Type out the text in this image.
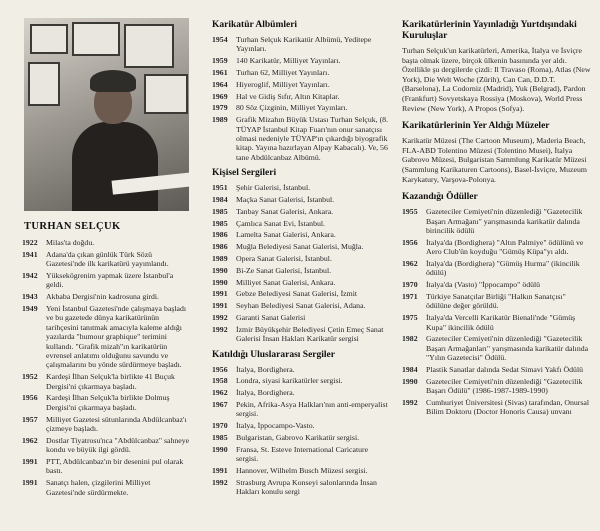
TURHAN SELÇUK
1922	Milas'ta doğdu.
1941	Adana'da çıkan günlük Türk Sözü Gazetesi'nde ilk karikatürü yayımlandı.
1942	Yüksekögrenim yapmak üzere İstanbul'a geldi.
1943	Akbaba Dergisi'nin kadrosuna girdi.
1949	Yeni İstanbul Gazetesi'nde çalışmaya başladı ve bu gazetede dünya karikatürünün tarihçesini tanıtmak amacıyla kaleme aldığı yazılarda "humour graphique" terimini kullandı. "Grafik mizah"ın karikatürün evrensel anlatımı olduğunu savundu ve çalışmalarını bu yönde sürdürmeye başladı.
1952	Kardeşi İlhan Selçuk'la birlikte 41 Buçuk Dergisi'ni çıkarmaya başladı.
1956	Kardeşi İlhan Selçuk'la birlikte Dolmuş Dergisi'ni çıkarmaya başladı.
1957	Milliyet Gazetesi sütunlarında Abdülcanbaz'ı çizmeye başladı.
1962	Dostlar Tiyatrosu'nca "Abdülcanbaz" sahneye kondu ve büyük ilgi gördü.
1991	PTT, Abdülcanbaz'ın bir desenini pul olarak bastı.
1991	Sanatçı halen, çizgilerini Milliyet Gazetesi'nde sürdürmekte.
Karikatür Albümleri
1954	Turhan Selçuk Karikatür Albümü, Yeditepe Yayınları.
1959	140 Karikatür, Milliyet Yayınları.
1961	Turhan 62, Milliyet Yayınları.
1964	Hiyeroglif, Milliyet Yayınları.
1969	Hal ve Gidiş Sıfır, Altın Kitaplar.
1979	80 Söz Çizginin, Milliyet Yayınları.
1989	Grafik Mizahın Büyük Ustası Turhan Selçuk, (8. TÜYAP İstanbul Kitap Fuarı'nın onur sanatçısı olmasi nedeniyle TÜYAP'ın çıkardığı biyografik kitap. Yayına hazırlayan Alpay Kabacalı). Ve, 56 tane Abdülcanbaz Albümü.
Kişisel Sergileri
1951	Şehir Galerisi, İstanbul.
1984	Maçka Sanat Galerisi, İstanbul.
1985	Tanbay Sanat Galerisi, Ankara.
1985	Çamlıca Sanat Evi, İstanbul.
1986	Lamelta Sanat Galerisi, Ankara.
1986	Muğla Belediyesi Sanat Galerisi, Muğla.
1989	Opera Sanat Galerisi, İstanbul.
1990	Bi-Ze Sanat Galerisi, İstanbul.
1990	Milliyet Sanat Galerisi, Ankara.
1991	Gebze Belediyesi Sanat Galerisi, İzmit
1991	Seyhan Belediyesi Sanat Galerisi, Adana.
1992	Garanti Sanat Galerisi
1992	İzmir Büyükşehir Belediyesi Çetin Emeç Sanat Galerisi İnsan Hakları Karikatür sergisi
Katıldığı Uluslararası Sergiler
1956	İtalya, Bordighera.
1958	Londra, siyasi karikatürler sergisi.
1962	İtalya, Bordighera.
1967	Pekin, Afrika-Asya Halkları'nın anti-emperyalist sergisi.
1970	İtalya, İppocampo-Vasto.
1985	Bulgaristan, Gabrovo Karikatür sergisi.
1990	Fransa, St. Esteve International Caricature sergisi.
1991	Hannover, Wilhelm Busch Müzesi sergisi.
1992	Strasburg Avrupa Konseyi salonlarında İnsan Hakları konulu sergi
Karikatürlerinin Yayınladığı Yurtdışındaki Kuruluşlar

Turhan Selçuk'un karikatürleri, Amerika, İtalya ve İsviçre başta olmak üzere, birçok ülkenin basınında yer aldı. Özellikle şu dergilerde çizdi: Il Travaso (Roma), Atlas (New York), Die Welt Woche (Zürih), Can Can, D.D.T. (Barselona), La Codorniz (Madrid), Yuk (Belgrad), Pardon (Frankfurt) Sovyetskaya Rossiya (Moskova), World Press Review (New York), A Propos (Sofya).

Karikatürlerinin Yer Aldığı Müzeler

Karikatür Müzesi (The Cartoon Museum), Maderia Beach, FLA-ABD Tolentino Müzesi (Tolentino Musei), İtalya Gabrovo Müzesi, Bulgaristan Sammlung Karikatür Müzesi (Sammlung Karikaturen Cartoons), Basel-İsviçre, Muzeum Karykatury, Varşova-Polonya.

Kazandığı Ödüller
1955	Gazeteciler Cemiyeti'nin düzenlediği "Gazetecilik Başarı Armağanı" yarışmasında karikatür dalında birincilik ödülü
1956	İtalya'da (Bordighera) "Altın Palmiye" ödülünü ve Aero Club'ün koyduğu "Gümüş Küpa"yı aldı.
1962	İtalya'da (Bordighera) "Gümüş Hurma" (ikincilik ödülü)
1970	İtalya'da (Vasto) "İppocampo" ödülü
1971	Türkiye Sanatçılar Birliği "Halkın Sanatçısı" ödülüne değer görüldü.
1975	İtalya'da Vercelli Karikatür Bienali'nde "Gümüş Kupa" ikincilik ödülü
1982	Gazeteciler Cemiyeti'nin düzenlediği "Gazetecilik Başarı Armağanları" yarışmasında karikatür dalında "Yılın Gazetecisi" Ödülü.
1984	Plastik Sanatlar dalında Sedat Simavi Yakfı Ödülü
1990	Gazeteciler Cemiyeti'nin düzenlediği "Gazetecilik Başarı Ödülü" (1986-1987-1989-1990)
1992	Cumhuriyet Üniversitesi (Sivas) tarafından, Onursal Bilim Doktoru (Doctor Honoris Causa) unvanı
